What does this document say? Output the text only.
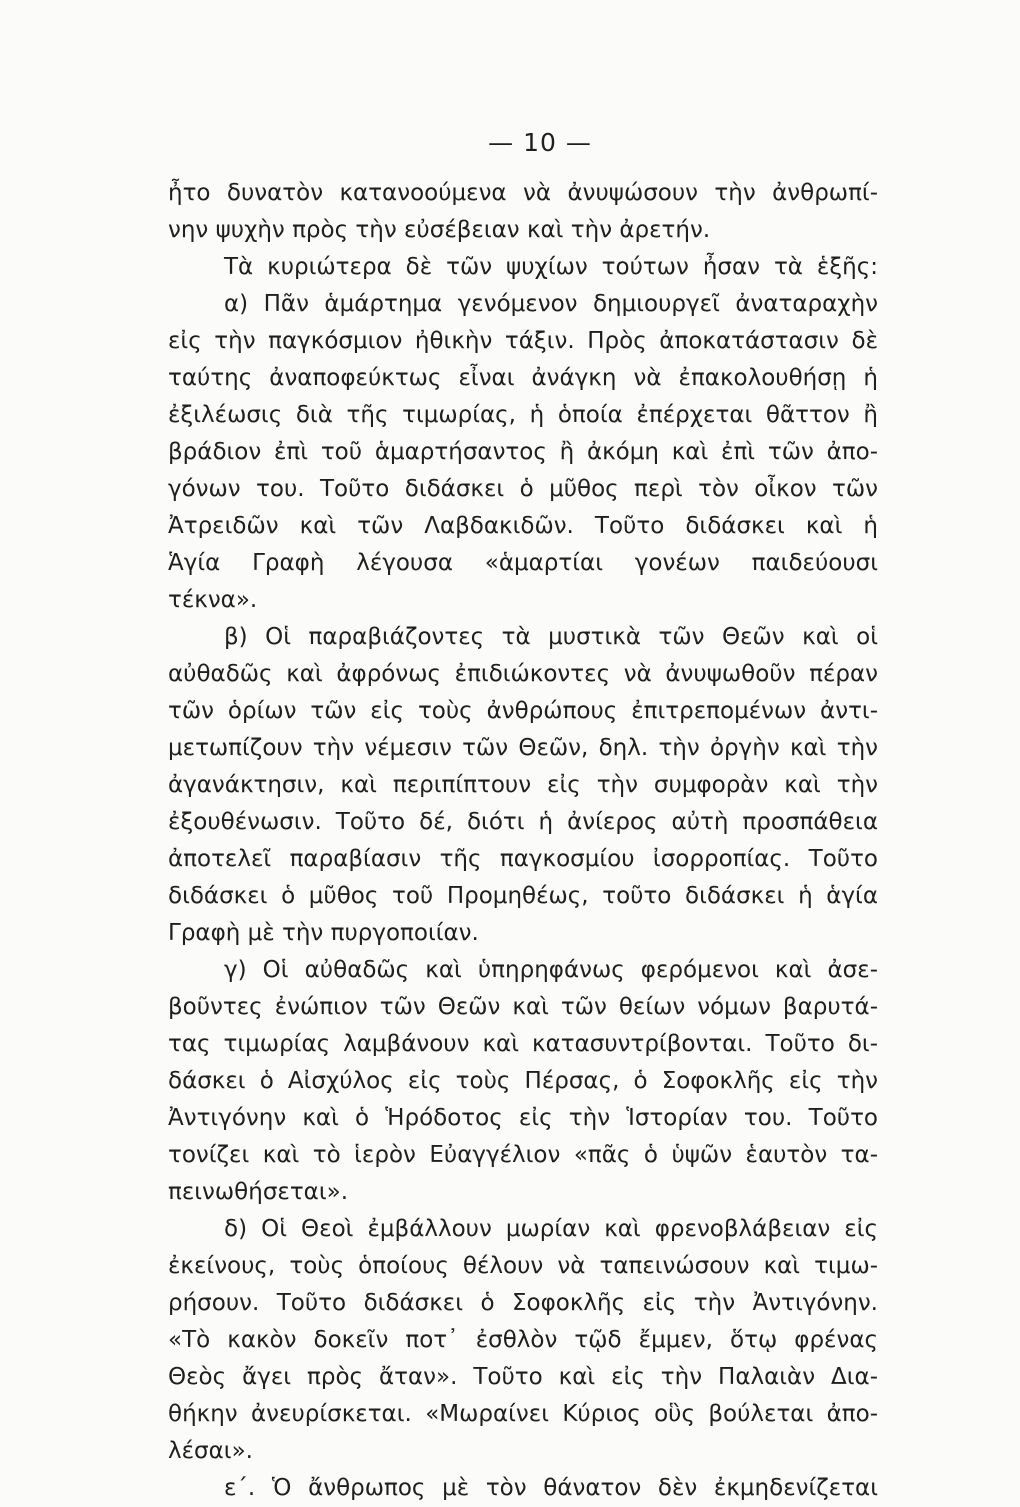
— 10 —
ἦτο δυνατὸν κατανοούμενα νὰ ἀνυψώσουν τὴν ἀνθρωπί-
νην ψυχὴν πρὸς τὴν εὐσέβειαν καὶ τὴν ἀρετήν.
Τὰ κυριώτερα δὲ τῶν ψυχίων τούτων ἦσαν τὰ ἑξῆς:
α) Πᾶν ἁμάρτημα γενόμενον δημιουργεῖ ἀναταραχὴν
εἰς τὴν παγκόσμιον ἠθικὴν τάξιν. Πρὸς ἀποκατάστασιν δὲ
ταύτης ἀναποφεύκτως εἶναι ἀνάγκη νὰ ἐπακολουθήσῃ ἡ
ἐξιλέωσις διὰ τῆς τιμωρίας, ἡ ὁποία ἐπέρχεται θᾶττον ἢ
βράδιον ἐπὶ τοῦ ἁμαρτήσαντος ἢ ἀκόμη καὶ ἐπὶ τῶν ἀπο-
γόνων του. Τοῦτο διδάσκει ὁ μῦθος περὶ τὸν οἶκον τῶν
Ἀτρειδῶν καὶ τῶν Λαβδακιδῶν. Τοῦτο διδάσκει καὶ ἡ
Ἁγία Γραφὴ λέγουσα «ἁμαρτίαι γονέων παιδεύουσι
τέκνα».
β) Οἱ παραβιάζοντες τὰ μυστικὰ τῶν Θεῶν καὶ οἱ
αὐθαδῶς καὶ ἀφρόνως ἐπιδιώκοντες νὰ ἀνυψωθοῦν πέραν
τῶν ὁρίων τῶν εἰς τοὺς ἀνθρώπους ἐπιτρεπομένων ἀντι-
μετωπίζουν τὴν νέμεσιν τῶν Θεῶν, δηλ. τὴν ὀργὴν καὶ τὴν
ἀγανάκτησιν, καὶ περιπίπτουν εἰς τὴν συμφορὰν καὶ τὴν
ἐξουθένωσιν. Τοῦτο δέ, διότι ἡ ἀνίερος αὐτὴ προσπάθεια
ἀποτελεῖ παραβίασιν τῆς παγκοσμίου ἰσορροπίας. Τοῦτο
διδάσκει ὁ μῦθος τοῦ Προμηθέως, τοῦτο διδάσκει ἡ ἁγία
Γραφὴ μὲ τὴν πυργοποιίαν.
γ) Οἱ αὐθαδῶς καὶ ὑπηρηφάνως φερόμενοι καὶ ἀσε-
βοῦντες ἐνώπιον τῶν Θεῶν καὶ τῶν θείων νόμων βαρυτά-
τας τιμωρίας λαμβάνουν καὶ κατασυντρίβονται. Τοῦτο δι-
δάσκει ὁ Αἰσχύλος εἰς τοὺς Πέρσας, ὁ Σοφοκλῆς εἰς τὴν
Ἀντιγόνην καὶ ὁ Ἡρόδοτος εἰς τὴν Ἱστορίαν του. Τοῦτο
τονίζει καὶ τὸ ἱερὸν Εὐαγγέλιον «πᾶς ὁ ὑψῶν ἑαυτὸν τα-
πεινωθήσεται».
δ) Οἱ Θεοὶ ἐμβάλλουν μωρίαν καὶ φρενοβλάβειαν εἰς
ἐκείνους, τοὺς ὁποίους θέλουν νὰ ταπεινώσουν καὶ τιμω-
ρήσουν. Τοῦτο διδάσκει ὁ Σοφοκλῆς εἰς τὴν Ἀντιγόνην.
«Τὸ κακὸν δοκεῖν ποτ᾽ ἐσθλὸν τῷδ ἔμμεν, ὅτῳ φρένας
Θεὸς ἄγει πρὸς ἄταν». Τοῦτο καὶ εἰς τὴν Παλαιὰν Δια-
θήκην ἀνευρίσκεται. «Μωραίνει Κύριος οὓς βούλεται ἀπο-
λέσαι».
ε΄. Ὁ ἄνθρωπος μὲ τὸν θάνατον δὲν ἐκμηδενίζεται
